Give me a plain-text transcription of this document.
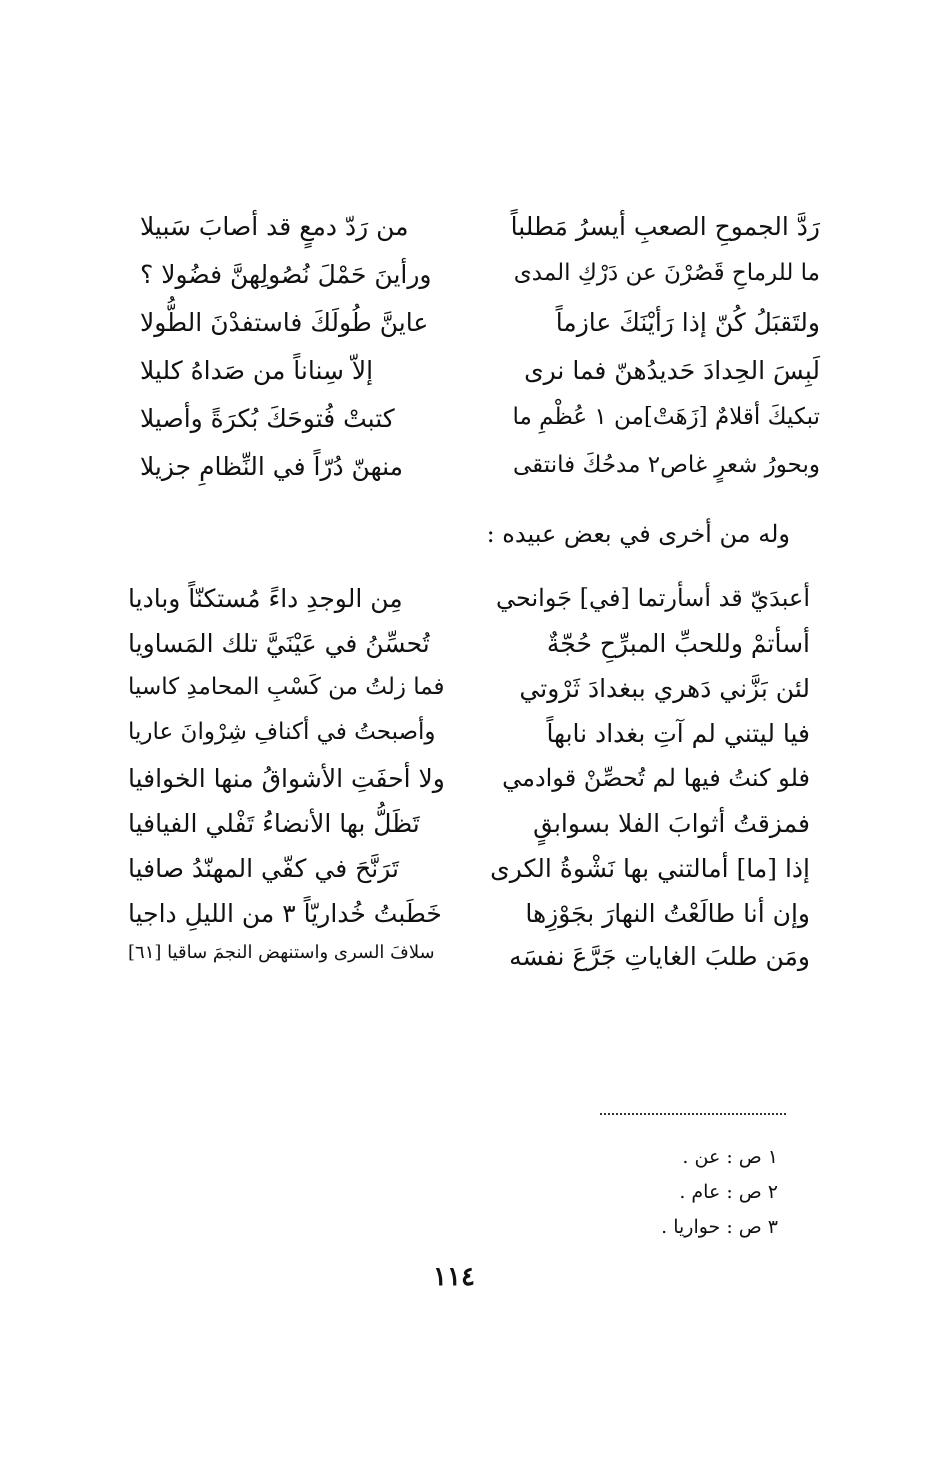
رَدَّ الجموحِ الصعبِ أيسرُ مَطلباً
من رَدّ دمعٍ قد أصابَ سَبيلا
ما للرماحِ قَصُرْنَ عن دَرْكِ المدى
ورأينَ حَمْلَ نُصُولِهنَّ فضُولا ؟
ولتَقبَلُ كُنّ إذا رَأيْنَكَ عازماً
عاينَّ طُولَكَ فاستفدْنَ الطُّولا
لَبِسَ الحِدادَ حَديدُهنّ فما نرى
إلاّ سِناناً من صَداهُ كليلا
تبكيكَ أقلامٌ [زَهَتْ]من ١ عُظْمِ ما
كتبتْ فُتوحَكَ بُكرَةً وأصيلا
وبحورُ شعرٍ غاص٢ مدحُكَ فانتقى
منهنّ دُرّاً في النِّظامِ جزيلا
وله من أخرى في بعض عبيده :
أعبدَيّ قد أسأرتما [في] جَوانحي
مِن الوجدِ داءً مُستكنّاً وباديا
أسأتمْ وللحبِّ المبرِّحِ حُجّةٌ
تُحسِّنُ في عَيْنَيَّ تلك المَساويا
لئن بَزَّني دَهري ببغدادَ ثَرْوتي
فما زلتُ من كَسْبِ المحامدِ كاسيا
فيا ليتني لم آتِ بغداد نابهاً
وأصبحتُ في أكنافِ شِرْوانَ عاريا
فلو كنتُ فيها لم تُحصِّنْ قوادمي
ولا أحفَتِ الأشواقُ منها الخوافيا
فمزقتُ أثوابَ الفلا بسوابقٍ
تَظَلُّ بها الأنضاءُ تَفْلي الفيافيا
إذا [ما] أمالتني بها نَشْوةُ الكرى
تَرَنَّحَ في كفّي المهنّدُ صافيا
وإن أنا طالَعْتُ النهارَ بجَوْزِها
خَطَبتُ خُداريّاً ٣ من الليلِ داجيا
ومَن طلبَ الغاياتِ جَرَّعَ نفسَه
سلافَ السرى واستنهض النجمَ ساقيا [٦١]
١ ص : عن .
٢ ص : عام .
٣ ص : حواريا .
١١٤
